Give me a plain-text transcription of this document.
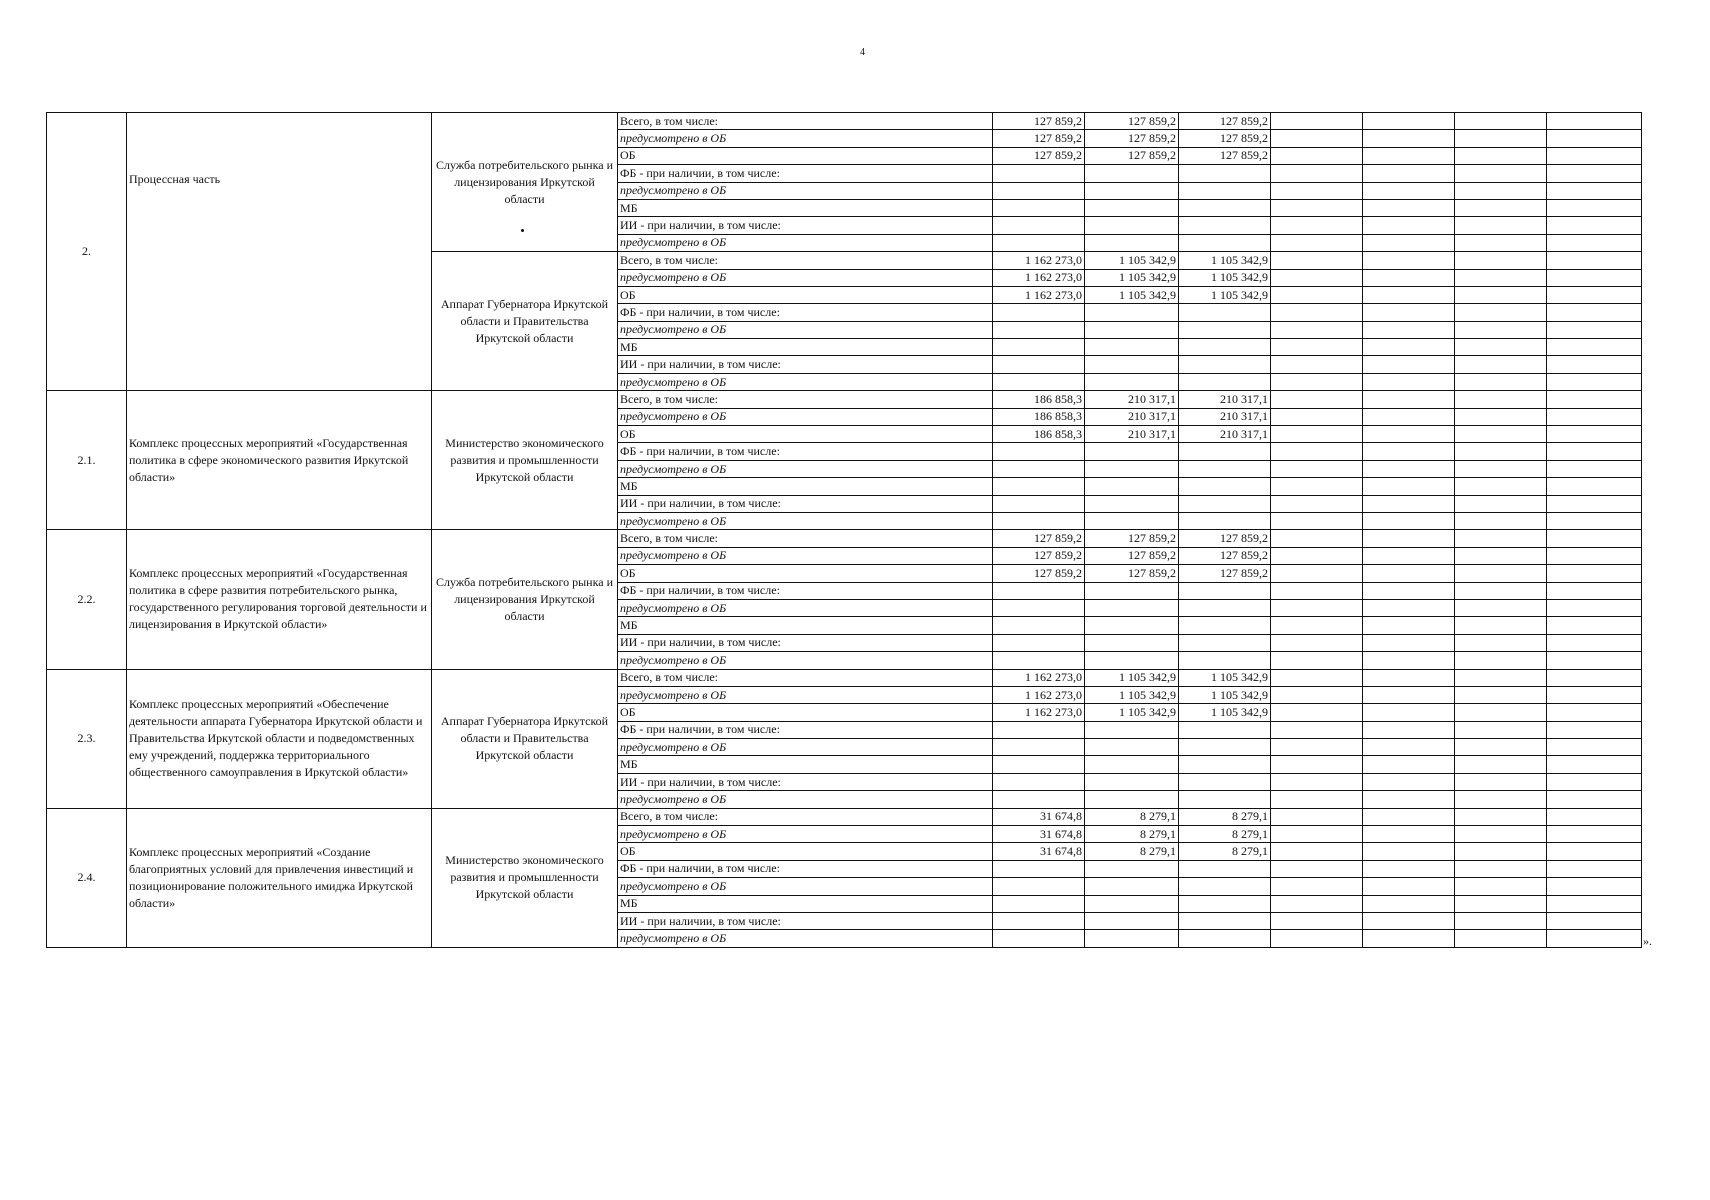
4
2.	Процессная часть	Служба потребительского рынка и лицензирования Иркутской области	Всего, в том числе:	127 859,2	127 859,2	127 859,2				
			предусмотрено в ОБ	127 859,2	127 859,2	127 859,2				
			ОБ	127 859,2	127 859,2	127 859,2				
			ФБ - при наличии, в том числе:							
			предусмотрено в ОБ							
			МБ							
			ИИ - при наличии, в том числе:							
			предусмотрено в ОБ							
		Аппарат Губернатора Иркутской области и Правительства Иркутской области	Всего, в том числе:	1 162 273,0	1 105 342,9	1 105 342,9				
			предусмотрено в ОБ	1 162 273,0	1 105 342,9	1 105 342,9				
			ОБ	1 162 273,0	1 105 342,9	1 105 342,9				
			ФБ - при наличии, в том числе:							
			предусмотрено в ОБ							
			МБ							
			ИИ - при наличии, в том числе:							
			предусмотрено в ОБ							
2.1.	Комплекс процессных мероприятий «Государственная политика в сфере экономического развития Иркутской области»	Министерство экономического развития и промышленности Иркутской области	Всего, в том числе:	186 858,3	210 317,1	210 317,1				
			предусмотрено в ОБ	186 858,3	210 317,1	210 317,1				
			ОБ	186 858,3	210 317,1	210 317,1				
			ФБ - при наличии, в том числе:							
			предусмотрено в ОБ							
			МБ							
			ИИ - при наличии, в том числе:							
			предусмотрено в ОБ							
2.2.	Комплекс процессных мероприятий «Государственная политика в сфере развития потребительского рынка, государственного регулирования торговой деятельности и лицензирования в Иркутской области»	Служба потребительского рынка и лицензирования Иркутской области	Всего, в том числе:	127 859,2	127 859,2	127 859,2				
			предусмотрено в ОБ	127 859,2	127 859,2	127 859,2				
			ОБ	127 859,2	127 859,2	127 859,2				
			ФБ - при наличии, в том числе:							
			предусмотрено в ОБ							
			МБ							
			ИИ - при наличии, в том числе:							
			предусмотрено в ОБ							
2.3.	Комплекс процессных мероприятий «Обеспечение деятельности аппарата Губернатора Иркутской области и Правительства Иркутской области и подведомственных ему учреждений, поддержка территориального общественного самоуправления в Иркутской области»	Аппарат Губернатора Иркутской области и Правительства Иркутской области	Всего, в том числе:	1 162 273,0	1 105 342,9	1 105 342,9				
			предусмотрено в ОБ	1 162 273,0	1 105 342,9	1 105 342,9				
			ОБ	1 162 273,0	1 105 342,9	1 105 342,9				
			ФБ - при наличии, в том числе:							
			предусмотрено в ОБ							
			МБ							
			ИИ - при наличии, в том числе:							
			предусмотрено в ОБ							
2.4.	Комплекс процессных мероприятий «Создание благоприятных условий для привлечения инвестиций и позиционирование положительного имиджа Иркутской области»	Министерство экономического развития и промышленности Иркутской области	Всего, в том числе:	31 674,8	8 279,1	8 279,1				
			предусмотрено в ОБ	31 674,8	8 279,1	8 279,1				
			ОБ	31 674,8	8 279,1	8 279,1				
			ФБ - при наличии, в том числе:							
			предусмотрено в ОБ							
			МБ							
			ИИ - при наличии, в том числе:							
			предусмотрено в ОБ								».
